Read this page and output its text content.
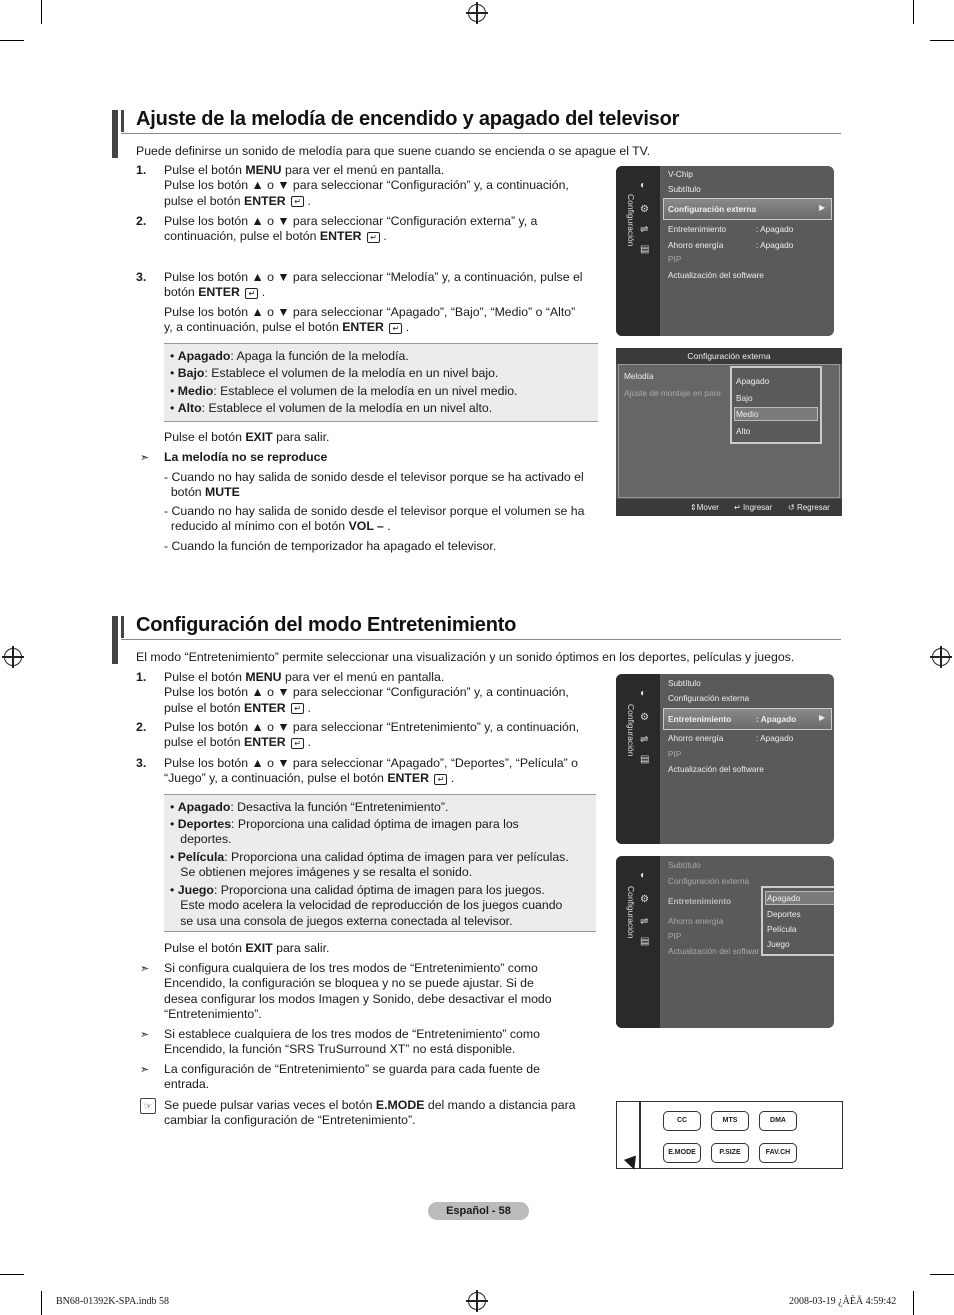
Ajuste de la melodía de encendido y apagado del televisor
Puede definirse un sonido de melodía para que suene cuando se encienda o se apague el TV.
1. Pulse el botón MENU para ver el menú en pantalla.
Pulse los botón ▲ o ▼ para seleccionar “Configuración” y, a continuación,
pulse el botón ENTER ↵ .
2. Pulse los botón ▲ o ▼ para seleccionar “Configuración externa” y, a
continuación, pulse el botón ENTER ↵ .
3. Pulse los botón ▲ o ▼ para seleccionar “Melodía” y, a continuación, pulse el
botón ENTER ↵ .
Pulse los botón ▲ o ▼ para seleccionar “Apagado”, “Bajo”, “Medio” o “Alto”
y, a continuación, pulse el botón ENTER ↵ .
• Apagado: Apaga la función de la melodía.
• Bajo: Establece el volumen de la melodía en un nivel bajo.
• Medio: Establece el volumen de la melodía en un nivel medio.
• Alto: Establece el volumen de la melodía en un nivel alto.
Pulse el botón EXIT para salir.
➣ La melodía no se reproduce
- Cuando no hay salida de sonido desde el televisor porque se ha activado el
botón MUTE
- Cuando no hay salida de sonido desde el televisor porque el volumen se ha
reducido al mínimo con el botón VOL – .
- Cuando la función de temporizador ha apagado el televisor.
Configuración
◐
⚙
⇌
▤
V-Chip
Subtítulo
Configuración externa	▶
Entretenimiento	: Apagado
Ahorro energía	: Apagado
PIP
Actualización del software
Configuración externa
Melodía
Ajuste de montaje en pare
Apagado
Bajo
Medio
Alto
⇕Mover ↵ Ingresar ↺ Regresar
Configuración del modo Entretenimiento
El modo “Entretenimiento” permite seleccionar una visualización y un sonido óptimos en los deportes, películas y juegos.
1. Pulse el botón MENU para ver el menú en pantalla.
Pulse los botón ▲ o ▼ para seleccionar “Configuración” y, a continuación,
pulse el botón ENTER ↵ .
2. Pulse los botón ▲ o ▼ para seleccionar “Entretenimiento” y, a continuación,
pulse el botón ENTER ↵ .
3. Pulse los botón ▲ o ▼ para seleccionar “Apagado”, “Deportes”, “Película” o
“Juego” y, a continuación, pulse el botón ENTER ↵ .
• Apagado: Desactiva la función “Entretenimiento”.
• Deportes: Proporciona una calidad óptima de imagen para los
deportes.
• Película: Proporciona una calidad óptima de imagen para ver películas.
Se obtienen mejores imágenes y se resalta el sonido.
• Juego: Proporciona una calidad óptima de imagen para los juegos.
Este modo acelera la velocidad de reproducción de los juegos cuando
se usa una consola de juegos externa conectada al televisor.
Pulse el botón EXIT para salir.
➣ Si configura cualquiera de los tres modos de “Entretenimiento” como
Encendido, la configuración se bloquea y no se puede ajustar. Si de
desea configurar los modos Imagen y Sonido, debe desactivar el modo
“Entretenimiento”.
➣ Si establece cualquiera de los tres modos de “Entretenimiento” como
Encendido, la función “SRS TruSurround XT” no está disponible.
➣ La configuración de “Entretenimiento” se guarda para cada fuente de
entrada.
☞ Se puede pulsar varias veces el botón E.MODE del mando a distancia para
cambiar la configuración de “Entretenimiento”.
Configuración
◐
⚙
⇌
▤
Subtítulo
Configuración externa
Entretenimiento	: Apagado	▶
Ahorro energía	: Apagado
PIP
Actualización del software
Configuración
◐
⚙
⇌
▤
Subtítulo
Configuración externa
Entretenimiento
Ahorro energía
PIP
Actualización del softwar
Apagado
Deportes
Película
Juego
CC	MTS	DMA
E.MODE	P.SIZE	FAV.CH
▼
Español - 58
BN68-01392K-SPA.indb 58	2008-03-19 ¿ÀÈÄ 4:59:42
